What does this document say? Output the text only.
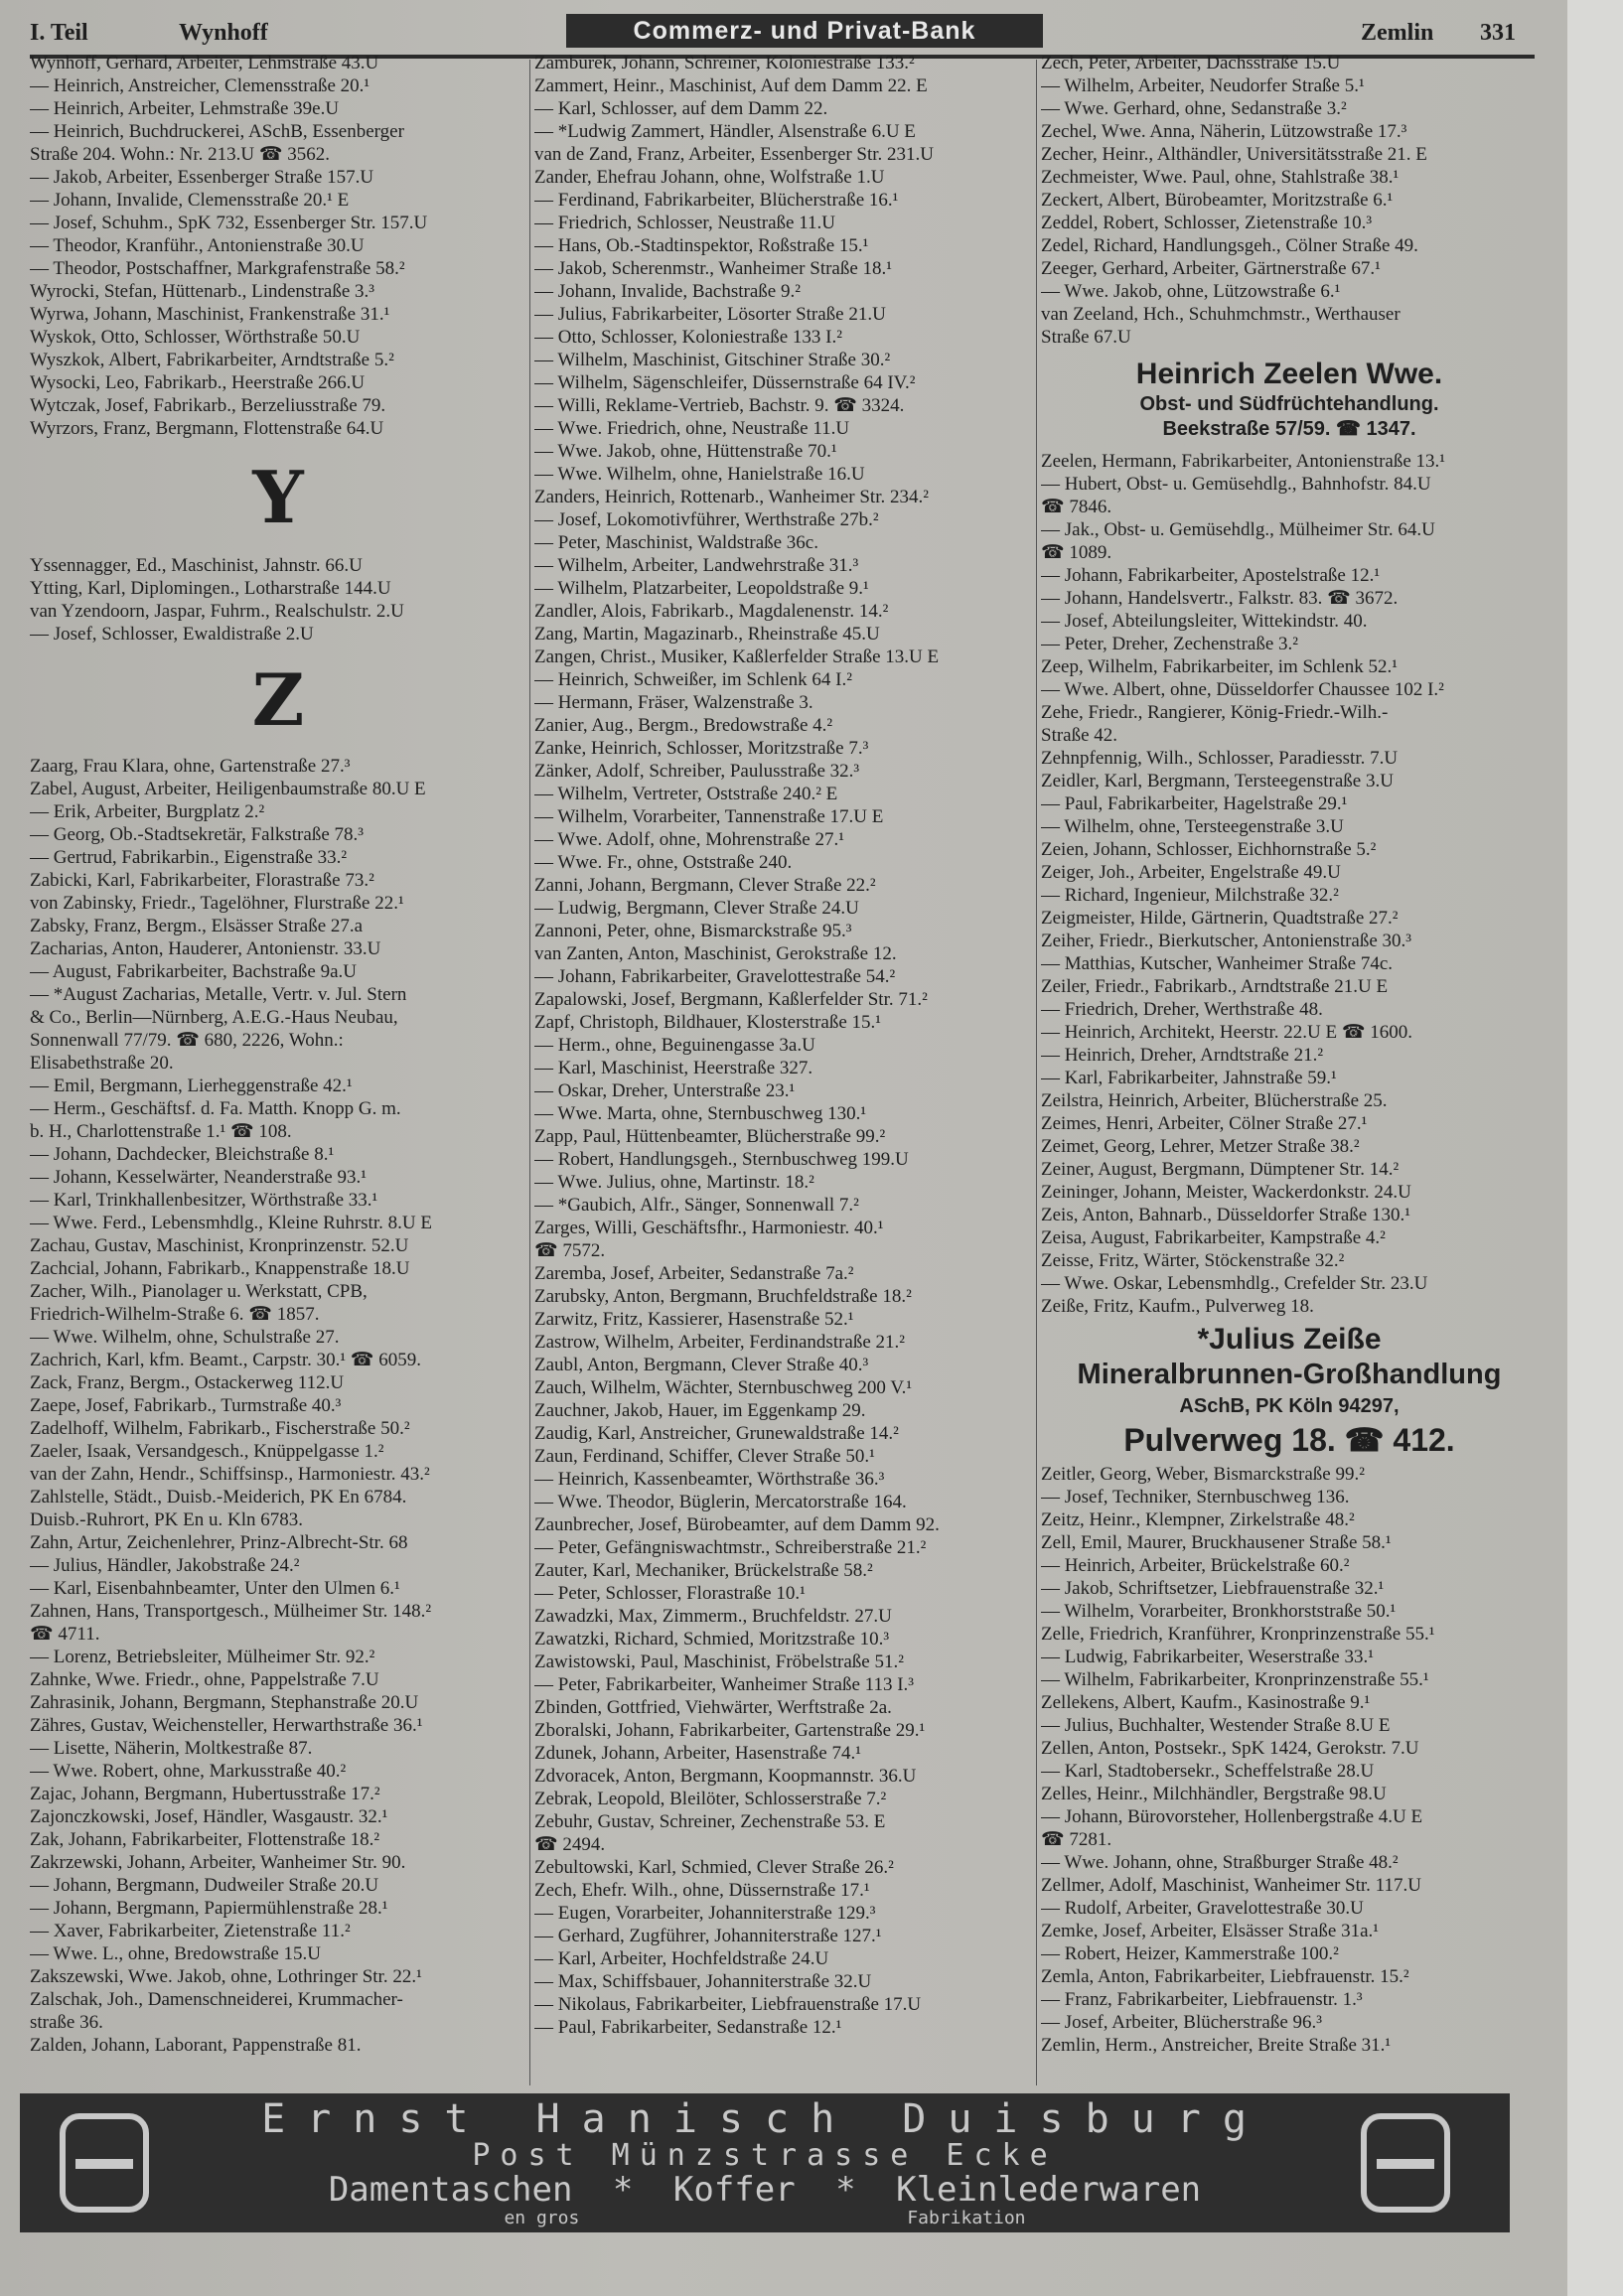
I. Teil	Wynhoff	Commerz- und Privat-Bank	Zemlin 331
Wynhoff, Gerhard, Arbeiter, Lehmstraße 43.U
— Heinrich, Anstreicher, Clemensstraße 20.¹
— Heinrich, Arbeiter, Lehmstraße 39e.U
— Heinrich, Buchdruckerei, ASchB, Essenberger
Straße 204. Wohn.: Nr. 213.U ☎ 3562.
— Jakob, Arbeiter, Essenberger Straße 157.U
— Johann, Invalide, Clemensstraße 20.¹ E
— Josef, Schuhm., SpK 732, Essenberger Str. 157.U
— Theodor, Kranführ., Antonienstraße 30.U
— Theodor, Postschaffner, Markgrafenstraße 58.²
Wyrocki, Stefan, Hüttenarb., Lindenstraße 3.³
Wyrwa, Johann, Maschinist, Frankenstraße 31.¹
Wyskok, Otto, Schlosser, Wörthstraße 50.U
Wyszkok, Albert, Fabrikarbeiter, Arndtstraße 5.²
Wysocki, Leo, Fabrikarb., Heerstraße 266.U
Wytczak, Josef, Fabrikarb., Berzeliusstraße 79.
Wyrzors, Franz, Bergmann, Flottenstraße 64.U
Y
Yssennagger, Ed., Maschinist, Jahnstr. 66.U
Ytting, Karl, Diplomingen., Lotharstraße 144.U
van Yzendoorn, Jaspar, Fuhrm., Realschulstr. 2.U
— Josef, Schlosser, Ewaldistraße 2.U
Z
Zaarg, Frau Klara, ohne, Gartenstraße 27.³
Zabel, August, Arbeiter, Heiligenbaumstraße 80.U E
— Erik, Arbeiter, Burgplatz 2.²
— Georg, Ob.-Stadtsekretär, Falkstraße 78.³
— Gertrud, Fabrikarbin., Eigenstraße 33.²
Zabicki, Karl, Fabrikarbeiter, Florastraße 73.²
von Zabinsky, Friedr., Tagelöhner, Flurstraße 22.¹
Zabsky, Franz, Bergm., Elsässer Straße 27.a
Zacharias, Anton, Hauderer, Antonienstr. 33.U
— August, Fabrikarbeiter, Bachstraße 9a.U
— *August Zacharias, Metalle, Vertr. v. Jul. Stern
& Co., Berlin—Nürnberg, A.E.G.-Haus Neubau,
Sonnenwall 77/79. ☎ 680, 2226, Wohn.:
Elisabethstraße 20.
— Emil, Bergmann, Lierheggenstraße 42.¹
— Herm., Geschäftsf. d. Fa. Matth. Knopp G. m.
b. H., Charlottenstraße 1.¹ ☎ 108.
— Johann, Dachdecker, Bleichstraße 8.¹
— Johann, Kesselwärter, Neanderstraße 93.¹
— Karl, Trinkhallenbesitzer, Wörthstraße 33.¹
— Wwe. Ferd., Lebensmhdlg., Kleine Ruhrstr. 8.U E
Zachau, Gustav, Maschinist, Kronprinzenstr. 52.U
Zachcial, Johann, Fabrikarb., Knappenstraße 18.U
Zacher, Wilh., Pianolager u. Werkstatt, CPB,
Friedrich-Wilhelm-Straße 6. ☎ 1857.
— Wwe. Wilhelm, ohne, Schulstraße 27.
Zachrich, Karl, kfm. Beamt., Carpstr. 30.¹ ☎ 6059.
Zack, Franz, Bergm., Ostackerweg 112.U
Zaepe, Josef, Fabrikarb., Turmstraße 40.³
Zadelhoff, Wilhelm, Fabrikarb., Fischerstraße 50.²
Zaeler, Isaak, Versandgesch., Knüppelgasse 1.²
van der Zahn, Hendr., Schiffsinsp., Harmoniestr. 43.²
Zahlstelle, Städt., Duisb.-Meiderich, PK En 6784.
Duisb.-Ruhrort, PK En u. Kln 6783.
Zahn, Artur, Zeichenlehrer, Prinz-Albrecht-Str. 68
— Julius, Händler, Jakobstraße 24.²
— Karl, Eisenbahnbeamter, Unter den Ulmen 6.¹
Zahnen, Hans, Transportgesch., Mülheimer Str. 148.²
☎ 4711.
— Lorenz, Betriebsleiter, Mülheimer Str. 92.²
Zahnke, Wwe. Friedr., ohne, Pappelstraße 7.U
Zahrasinik, Johann, Bergmann, Stephanstraße 20.U
Zähres, Gustav, Weichensteller, Herwarthstraße 36.¹
— Lisette, Näherin, Moltkestraße 87.
— Wwe. Robert, ohne, Markusstraße 40.²
Zajac, Johann, Bergmann, Hubertusstraße 17.²
Zajonczkowski, Josef, Händler, Wasgaustr. 32.¹
Zak, Johann, Fabrikarbeiter, Flottenstraße 18.²
Zakrzewski, Johann, Arbeiter, Wanheimer Str. 90.
— Johann, Bergmann, Dudweiler Straße 20.U
— Johann, Bergmann, Papiermühlenstraße 28.¹
— Xaver, Fabrikarbeiter, Zietenstraße 11.²
— Wwe. L., ohne, Bredowstraße 15.U
Zakszewski, Wwe. Jakob, ohne, Lothringer Str. 22.¹
Zalschak, Joh., Damenschneiderei, Krummacher-
straße 36.
Zalden, Johann, Laborant, Pappenstraße 81.
Zamburek, Johann, Schreiner, Koloniestraße 133.²
Zammert, Heinr., Maschinist, Auf dem Damm 22. E
— Karl, Schlosser, auf dem Damm 22.
— *Ludwig Zammert, Händler, Alsenstraße 6.U E
van de Zand, Franz, Arbeiter, Essenberger Str. 231.U
Zander, Ehefrau Johann, ohne, Wolfstraße 1.U
— Ferdinand, Fabrikarbeiter, Blücherstraße 16.¹
— Friedrich, Schlosser, Neustraße 11.U
— Hans, Ob.-Stadtinspektor, Roßstraße 15.¹
— Jakob, Scherenmstr., Wanheimer Straße 18.¹
— Johann, Invalide, Bachstraße 9.²
— Julius, Fabrikarbeiter, Lösorter Straße 21.U
— Otto, Schlosser, Koloniestraße 133 I.²
— Wilhelm, Maschinist, Gitschiner Straße 30.²
— Wilhelm, Sägenschleifer, Düssernstraße 64 IV.²
— Willi, Reklame-Vertrieb, Bachstr. 9. ☎ 3324.
— Wwe. Friedrich, ohne, Neustraße 11.U
— Wwe. Jakob, ohne, Hüttenstraße 70.¹
— Wwe. Wilhelm, ohne, Hanielstraße 16.U
Zanders, Heinrich, Rottenarb., Wanheimer Str. 234.²
— Josef, Lokomotivführer, Werthstraße 27b.²
— Peter, Maschinist, Waldstraße 36c.
— Wilhelm, Arbeiter, Landwehrstraße 31.³
— Wilhelm, Platzarbeiter, Leopoldstraße 9.¹
Zandler, Alois, Fabrikarb., Magdalenenstr. 14.²
Zang, Martin, Magazinarb., Rheinstraße 45.U
Zangen, Christ., Musiker, Kaßlerfelder Straße 13.U E
— Heinrich, Schweißer, im Schlenk 64 I.²
— Hermann, Fräser, Walzenstraße 3.
Zanier, Aug., Bergm., Bredowstraße 4.²
Zanke, Heinrich, Schlosser, Moritzstraße 7.³
Zänker, Adolf, Schreiber, Paulusstraße 32.³
— Wilhelm, Vertreter, Oststraße 240.² E
— Wilhelm, Vorarbeiter, Tannenstraße 17.U E
— Wwe. Adolf, ohne, Mohrenstraße 27.¹
— Wwe. Fr., ohne, Oststraße 240.
Zanni, Johann, Bergmann, Clever Straße 22.²
— Ludwig, Bergmann, Clever Straße 24.U
Zannoni, Peter, ohne, Bismarckstraße 95.³
van Zanten, Anton, Maschinist, Gerokstraße 12.
— Johann, Fabrikarbeiter, Gravelottestraße 54.²
Zapalowski, Josef, Bergmann, Kaßlerfelder Str. 71.²
Zapf, Christoph, Bildhauer, Klosterstraße 15.¹
— Herm., ohne, Beguinengasse 3a.U
— Karl, Maschinist, Heerstraße 327.
— Oskar, Dreher, Unterstraße 23.¹
— Wwe. Marta, ohne, Sternbuschweg 130.¹
Zapp, Paul, Hüttenbeamter, Blücherstraße 99.²
— Robert, Handlungsgeh., Sternbuschweg 199.U
— Wwe. Julius, ohne, Martinstr. 18.²
— *Gaubich, Alfr., Sänger, Sonnenwall 7.²
Zarges, Willi, Geschäftsfhr., Harmoniestr. 40.¹
☎ 7572.
Zaremba, Josef, Arbeiter, Sedanstraße 7a.²
Zarubsky, Anton, Bergmann, Bruchfeldstraße 18.²
Zarwitz, Fritz, Kassierer, Hasenstraße 52.¹
Zastrow, Wilhelm, Arbeiter, Ferdinandstraße 21.²
Zaubl, Anton, Bergmann, Clever Straße 40.³
Zauch, Wilhelm, Wächter, Sternbuschweg 200 V.¹
Zauchner, Jakob, Hauer, im Eggenkamp 29.
Zaudig, Karl, Anstreicher, Grunewaldstraße 14.²
Zaun, Ferdinand, Schiffer, Clever Straße 50.¹
— Heinrich, Kassenbeamter, Wörthstraße 36.³
— Wwe. Theodor, Büglerin, Mercatorstraße 164.
Zaunbrecher, Josef, Bürobeamter, auf dem Damm 92.
— Peter, Gefängniswachtmstr., Schreiberstraße 21.²
Zauter, Karl, Mechaniker, Brückelstraße 58.²
— Peter, Schlosser, Florastraße 10.¹
Zawadzki, Max, Zimmerm., Bruchfeldstr. 27.U
Zawatzki, Richard, Schmied, Moritzstraße 10.³
Zawistowski, Paul, Maschinist, Fröbelstraße 51.²
— Peter, Fabrikarbeiter, Wanheimer Straße 113 I.³
Zbinden, Gottfried, Viehwärter, Werftstraße 2a.
Zboralski, Johann, Fabrikarbeiter, Gartenstraße 29.¹
Zdunek, Johann, Arbeiter, Hasenstraße 74.¹
Zdvoracek, Anton, Bergmann, Koopmannstr. 36.U
Zebrak, Leopold, Bleilöter, Schlosserstraße 7.²
Zebuhr, Gustav, Schreiner, Zechenstraße 53. E
☎ 2494.
Zebultowski, Karl, Schmied, Clever Straße 26.²
Zech, Ehefr. Wilh., ohne, Düssernstraße 17.¹
— Eugen, Vorarbeiter, Johanniterstraße 129.³
— Gerhard, Zugführer, Johanniterstraße 127.¹
— Karl, Arbeiter, Hochfeldstraße 24.U
— Max, Schiffsbauer, Johanniterstraße 32.U
— Nikolaus, Fabrikarbeiter, Liebfrauenstraße 17.U
— Paul, Fabrikarbeiter, Sedanstraße 12.¹
Zech, Peter, Arbeiter, Dachsstraße 15.U
— Wilhelm, Arbeiter, Neudorfer Straße 5.¹
— Wwe. Gerhard, ohne, Sedanstraße 3.²
Zechel, Wwe. Anna, Näherin, Lützowstraße 17.³
Zecher, Heinr., Althändler, Universitätsstraße 21. E
Zechmeister, Wwe. Paul, ohne, Stahlstraße 38.¹
Zeckert, Albert, Bürobeamter, Moritzstraße 6.¹
Zeddel, Robert, Schlosser, Zietenstraße 10.³
Zedel, Richard, Handlungsgeh., Cölner Straße 49.
Zeeger, Gerhard, Arbeiter, Gärtnerstraße 67.¹
— Wwe. Jakob, ohne, Lützowstraße 6.¹
van Zeeland, Hch., Schuhmchmstr., Werthauser
Straße 67.U
Heinrich Zeelen Wwe.
Obst- und Südfrüchtehandlung.
Beekstraße 57/59. ☎ 1347.
Zeelen, Hermann, Fabrikarbeiter, Antonienstraße 13.¹
— Hubert, Obst- u. Gemüsehdlg., Bahnhofstr. 84.U
☎ 7846.
— Jak., Obst- u. Gemüsehdlg., Mülheimer Str. 64.U
☎ 1089.
— Johann, Fabrikarbeiter, Apostelstraße 12.¹
— Johann, Handelsvertr., Falkstr. 83. ☎ 3672.
— Josef, Abteilungsleiter, Wittekindstr. 40.
— Peter, Dreher, Zechenstraße 3.²
Zeep, Wilhelm, Fabrikarbeiter, im Schlenk 52.¹
— Wwe. Albert, ohne, Düsseldorfer Chaussee 102 I.²
Zehe, Friedr., Rangierer, König-Friedr.-Wilh.-
Straße 42.
Zehnpfennig, Wilh., Schlosser, Paradiesstr. 7.U
Zeidler, Karl, Bergmann, Tersteegenstraße 3.U
— Paul, Fabrikarbeiter, Hagelstraße 29.¹
— Wilhelm, ohne, Tersteegenstraße 3.U
Zeien, Johann, Schlosser, Eichhornstraße 5.²
Zeiger, Joh., Arbeiter, Engelstraße 49.U
— Richard, Ingenieur, Milchstraße 32.²
Zeigmeister, Hilde, Gärtnerin, Quadtstraße 27.²
Zeiher, Friedr., Bierkutscher, Antonienstraße 30.³
— Matthias, Kutscher, Wanheimer Straße 74c.
Zeiler, Friedr., Fabrikarb., Arndtstraße 21.U E
— Friedrich, Dreher, Werthstraße 48.
— Heinrich, Architekt, Heerstr. 22.U E ☎ 1600.
— Heinrich, Dreher, Arndtstraße 21.²
— Karl, Fabrikarbeiter, Jahnstraße 59.¹
Zeilstra, Heinrich, Arbeiter, Blücherstraße 25.
Zeimes, Henri, Arbeiter, Cölner Straße 27.¹
Zeimet, Georg, Lehrer, Metzer Straße 38.²
Zeiner, August, Bergmann, Dümptener Str. 14.²
Zeininger, Johann, Meister, Wackerdonkstr. 24.U
Zeis, Anton, Bahnarb., Düsseldorfer Straße 130.¹
Zeisa, August, Fabrikarbeiter, Kampstraße 4.²
Zeisse, Fritz, Wärter, Stöckenstraße 32.²
— Wwe. Oskar, Lebensmhdlg., Crefelder Str. 23.U
Zeiße, Fritz, Kaufm., Pulverweg 18.
*Julius Zeiße
Mineralbrunnen-Großhandlung
ASchB, PK Köln 94297,
Pulverweg 18. ☎ 412.
Zeitler, Georg, Weber, Bismarckstraße 99.²
— Josef, Techniker, Sternbuschweg 136.
Zeitz, Heinr., Klempner, Zirkelstraße 48.²
Zell, Emil, Maurer, Bruckhausener Straße 58.¹
— Heinrich, Arbeiter, Brückelstraße 60.²
— Jakob, Schriftsetzer, Liebfrauenstraße 32.¹
— Wilhelm, Vorarbeiter, Bronkhorststraße 50.¹
Zelle, Friedrich, Kranführer, Kronprinzenstraße 55.¹
— Ludwig, Fabrikarbeiter, Weserstraße 33.¹
— Wilhelm, Fabrikarbeiter, Kronprinzenstraße 55.¹
Zellekens, Albert, Kaufm., Kasinostraße 9.¹
— Julius, Buchhalter, Westender Straße 8.U E
Zellen, Anton, Postsekr., SpK 1424, Gerokstr. 7.U
— Karl, Stadtobersekr., Scheffelstraße 28.U
Zelles, Heinr., Milchhändler, Bergstraße 98.U
— Johann, Bürovorsteher, Hollenbergstraße 4.U E
☎ 7281.
— Wwe. Johann, ohne, Straßburger Straße 48.²
Zellmer, Adolf, Maschinist, Wanheimer Str. 117.U
— Rudolf, Arbeiter, Gravelottestraße 30.U
Zemke, Josef, Arbeiter, Elsässer Straße 31a.¹
— Robert, Heizer, Kammerstraße 100.²
Zemla, Anton, Fabrikarbeiter, Liebfrauenstr. 15.²
— Franz, Fabrikarbeiter, Liebfrauenstr. 1.³
— Josef, Arbeiter, Blücherstraße 96.³
Zemlin, Herm., Anstreicher, Breite Straße 31.¹
Ernst Hanisch Duisburg
Post Münzstrasse Ecke
Damentaschen * Koffer * Kleinlederwaren
en gros	Fabrikation
